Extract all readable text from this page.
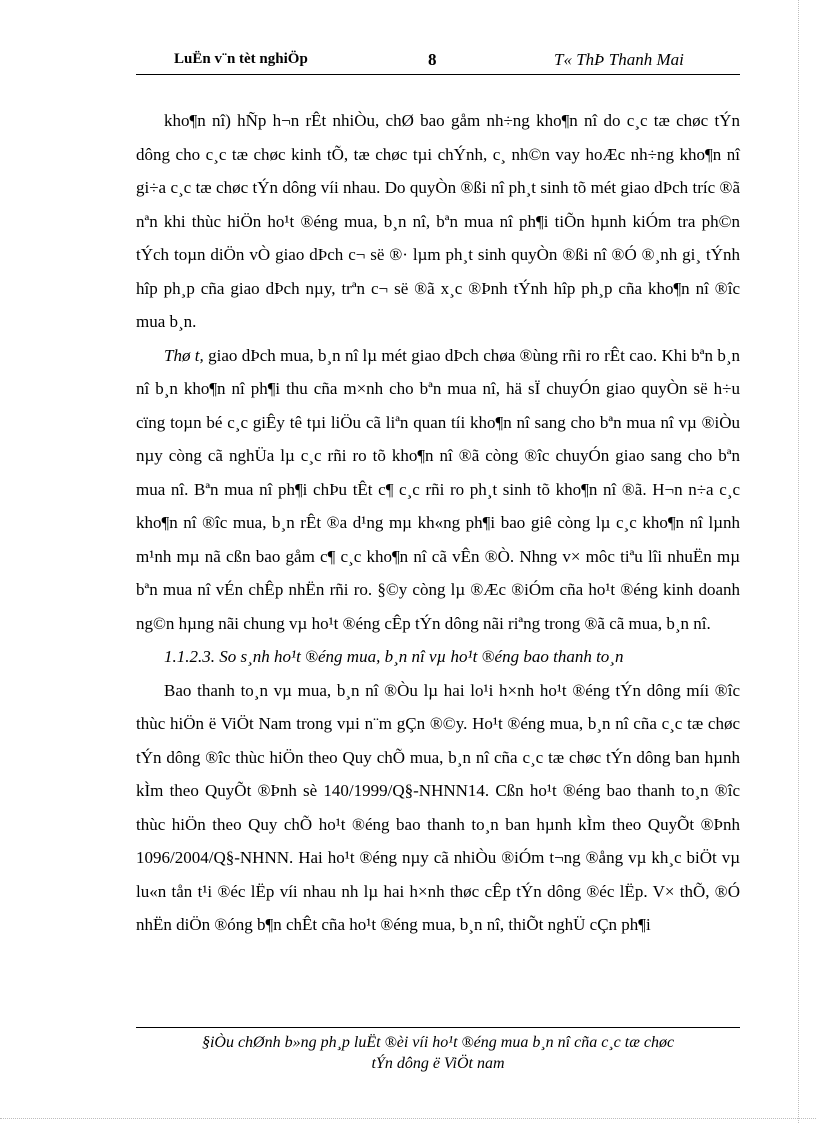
LuËn v¨n tèt nghiÖp	8	T« ThÞ Thanh Mai

kho¶n nî) hÑp h¬n rÊt nhiÒu, chØ bao gåm nh÷ng kho¶n nî do c¸c tæ chøc tÝn dông cho c¸c tæ chøc kinh tÕ, tæ chøc tµi chÝnh, c¸ nh©n vay hoÆc nh÷ng kho¶n nî gi÷a c¸c tæ chøc tÝn dông víi nhau. Do quyÒn ®ßi nî ph¸t sinh tõ mét giao dÞch tríc ®ã nªn khi thùc hiÖn ho¹t ®éng mua, b¸n nî, bªn mua nî ph¶i tiÕn hµnh kiÓm tra ph©n tÝch toµn diÖn vÒ giao dÞch c¬ së ®· lµm ph¸t sinh quyÒn ®ßi nî ®Ó ®¸nh gi¸ tÝnh hîp ph¸p cña giao dÞch nµy, trªn c¬ së ®ã x¸c ®Þnh tÝnh hîp ph¸p cña kho¶n nî ®îc mua b¸n.

Thø t, giao dÞch mua, b¸n nî lµ mét giao dÞch chøa ®ùng rñi ro rÊt cao. Khi bªn b¸n nî b¸n kho¶n nî ph¶i thu cña m×nh cho bªn mua nî, hä sÏ chuyÓn giao quyÒn së h÷u cïng toµn bé c¸c giÊy tê tµi liÖu cã liªn quan tíi kho¶n nî sang cho bªn mua nî vµ ®iÒu nµy còng cã nghÜa lµ c¸c rñi ro tõ kho¶n nî ®ã còng ®îc chuyÓn giao sang cho bªn mua nî. Bªn mua nî ph¶i chÞu tÊt c¶ c¸c rñi ro ph¸t sinh tõ kho¶n nî ®ã. H¬n n÷a c¸c kho¶n nî ®îc mua, b¸n rÊt ®a d¹ng mµ kh«ng ph¶i bao giê còng lµ c¸c kho¶n nî lµnh m¹nh mµ nã cßn bao gåm c¶ c¸c kho¶n nî cã vÊn ®Ò. Nhng v× môc tiªu lîi nhuËn mµ bªn mua nî vÉn chÊp nhËn rñi ro. §©y còng lµ ®Æc ®iÓm cña ho¹t ®éng kinh doanh ng©n hµng nãi chung vµ ho¹t ®éng cÊp tÝn dông nãi riªng trong ®ã cã mua, b¸n nî.

1.1.2.3. So s¸nh ho¹t ®éng mua, b¸n nî vµ ho¹t ®éng bao thanh to¸n

Bao thanh to¸n vµ mua, b¸n nî ®Òu lµ hai lo¹i h×nh ho¹t ®éng tÝn dông míi ®îc thùc hiÖn ë ViÖt Nam trong vµi n¨m gÇn ®©y. Ho¹t ®éng mua, b¸n nî cña c¸c tæ chøc tÝn dông ®îc thùc hiÖn theo Quy chÕ mua, b¸n nî cña c¸c tæ chøc tÝn dông ban hµnh kÌm theo QuyÕt ®Þnh sè 140/1999/Q§-NHNN14. Cßn ho¹t ®éng bao thanh to¸n ®îc thùc hiÖn theo Quy chÕ ho¹t ®éng bao thanh to¸n ban hµnh kÌm theo QuyÕt ®Þnh 1096/2004/Q§-NHNN. Hai ho¹t ®éng nµy cã nhiÒu ®iÓm t¬ng ®ång vµ kh¸c biÖt vµ lu«n tån t¹i ®éc lËp víi nhau nh lµ hai h×nh thøc cÊp tÝn dông ®éc lËp. V× thÕ, ®Ó nhËn diÖn ®óng b¶n chÊt cña ho¹t ®éng mua, b¸n nî, thiÕt nghÜ cÇn ph¶i

§iÒu chØnh b»ng ph¸p luËt ®èi víi ho¹t ®éng mua b¸n nî cña c¸c tæ chøc
tÝn dông ë ViÖt nam
